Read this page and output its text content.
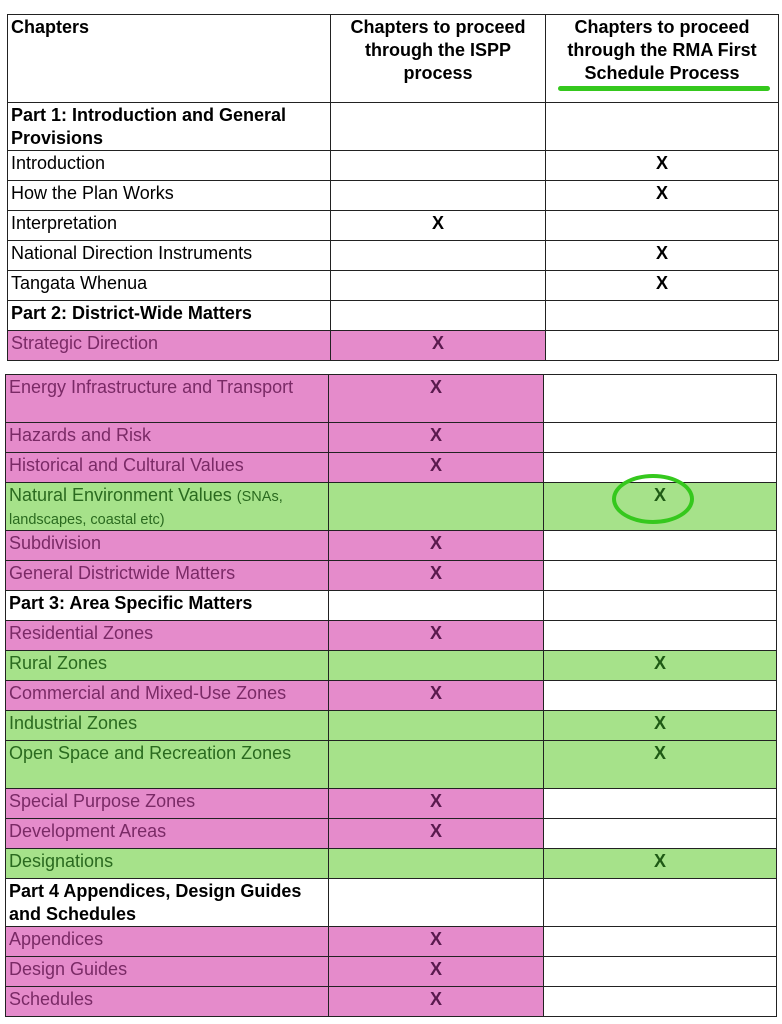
Chapters	Chapters to proceed through the ISPP process	Chapters to proceed through the RMA First Schedule Process
Part 1: Introduction and General Provisions		
Introduction		X
How the Plan Works		X
Interpretation	X	
National Direction Instruments		X
Tangata Whenua		X
Part 2: District-Wide Matters		
Strategic Direction	X	
Energy Infrastructure and Transport	X	
Hazards and Risk	X	
Historical and Cultural Values	X	
Natural Environment Values (SNAs, landscapes, coastal etc)		X
Subdivision	X	
General Districtwide Matters	X	
Part 3: Area Specific Matters		
Residential Zones	X	
Rural Zones		X
Commercial and Mixed-Use Zones	X	
Industrial Zones		X
Open Space and Recreation Zones		X
Special Purpose Zones	X	
Development Areas	X	
Designations		X
Part 4 Appendices, Design Guides and Schedules		
Appendices	X	
Design Guides	X	
Schedules	X	
